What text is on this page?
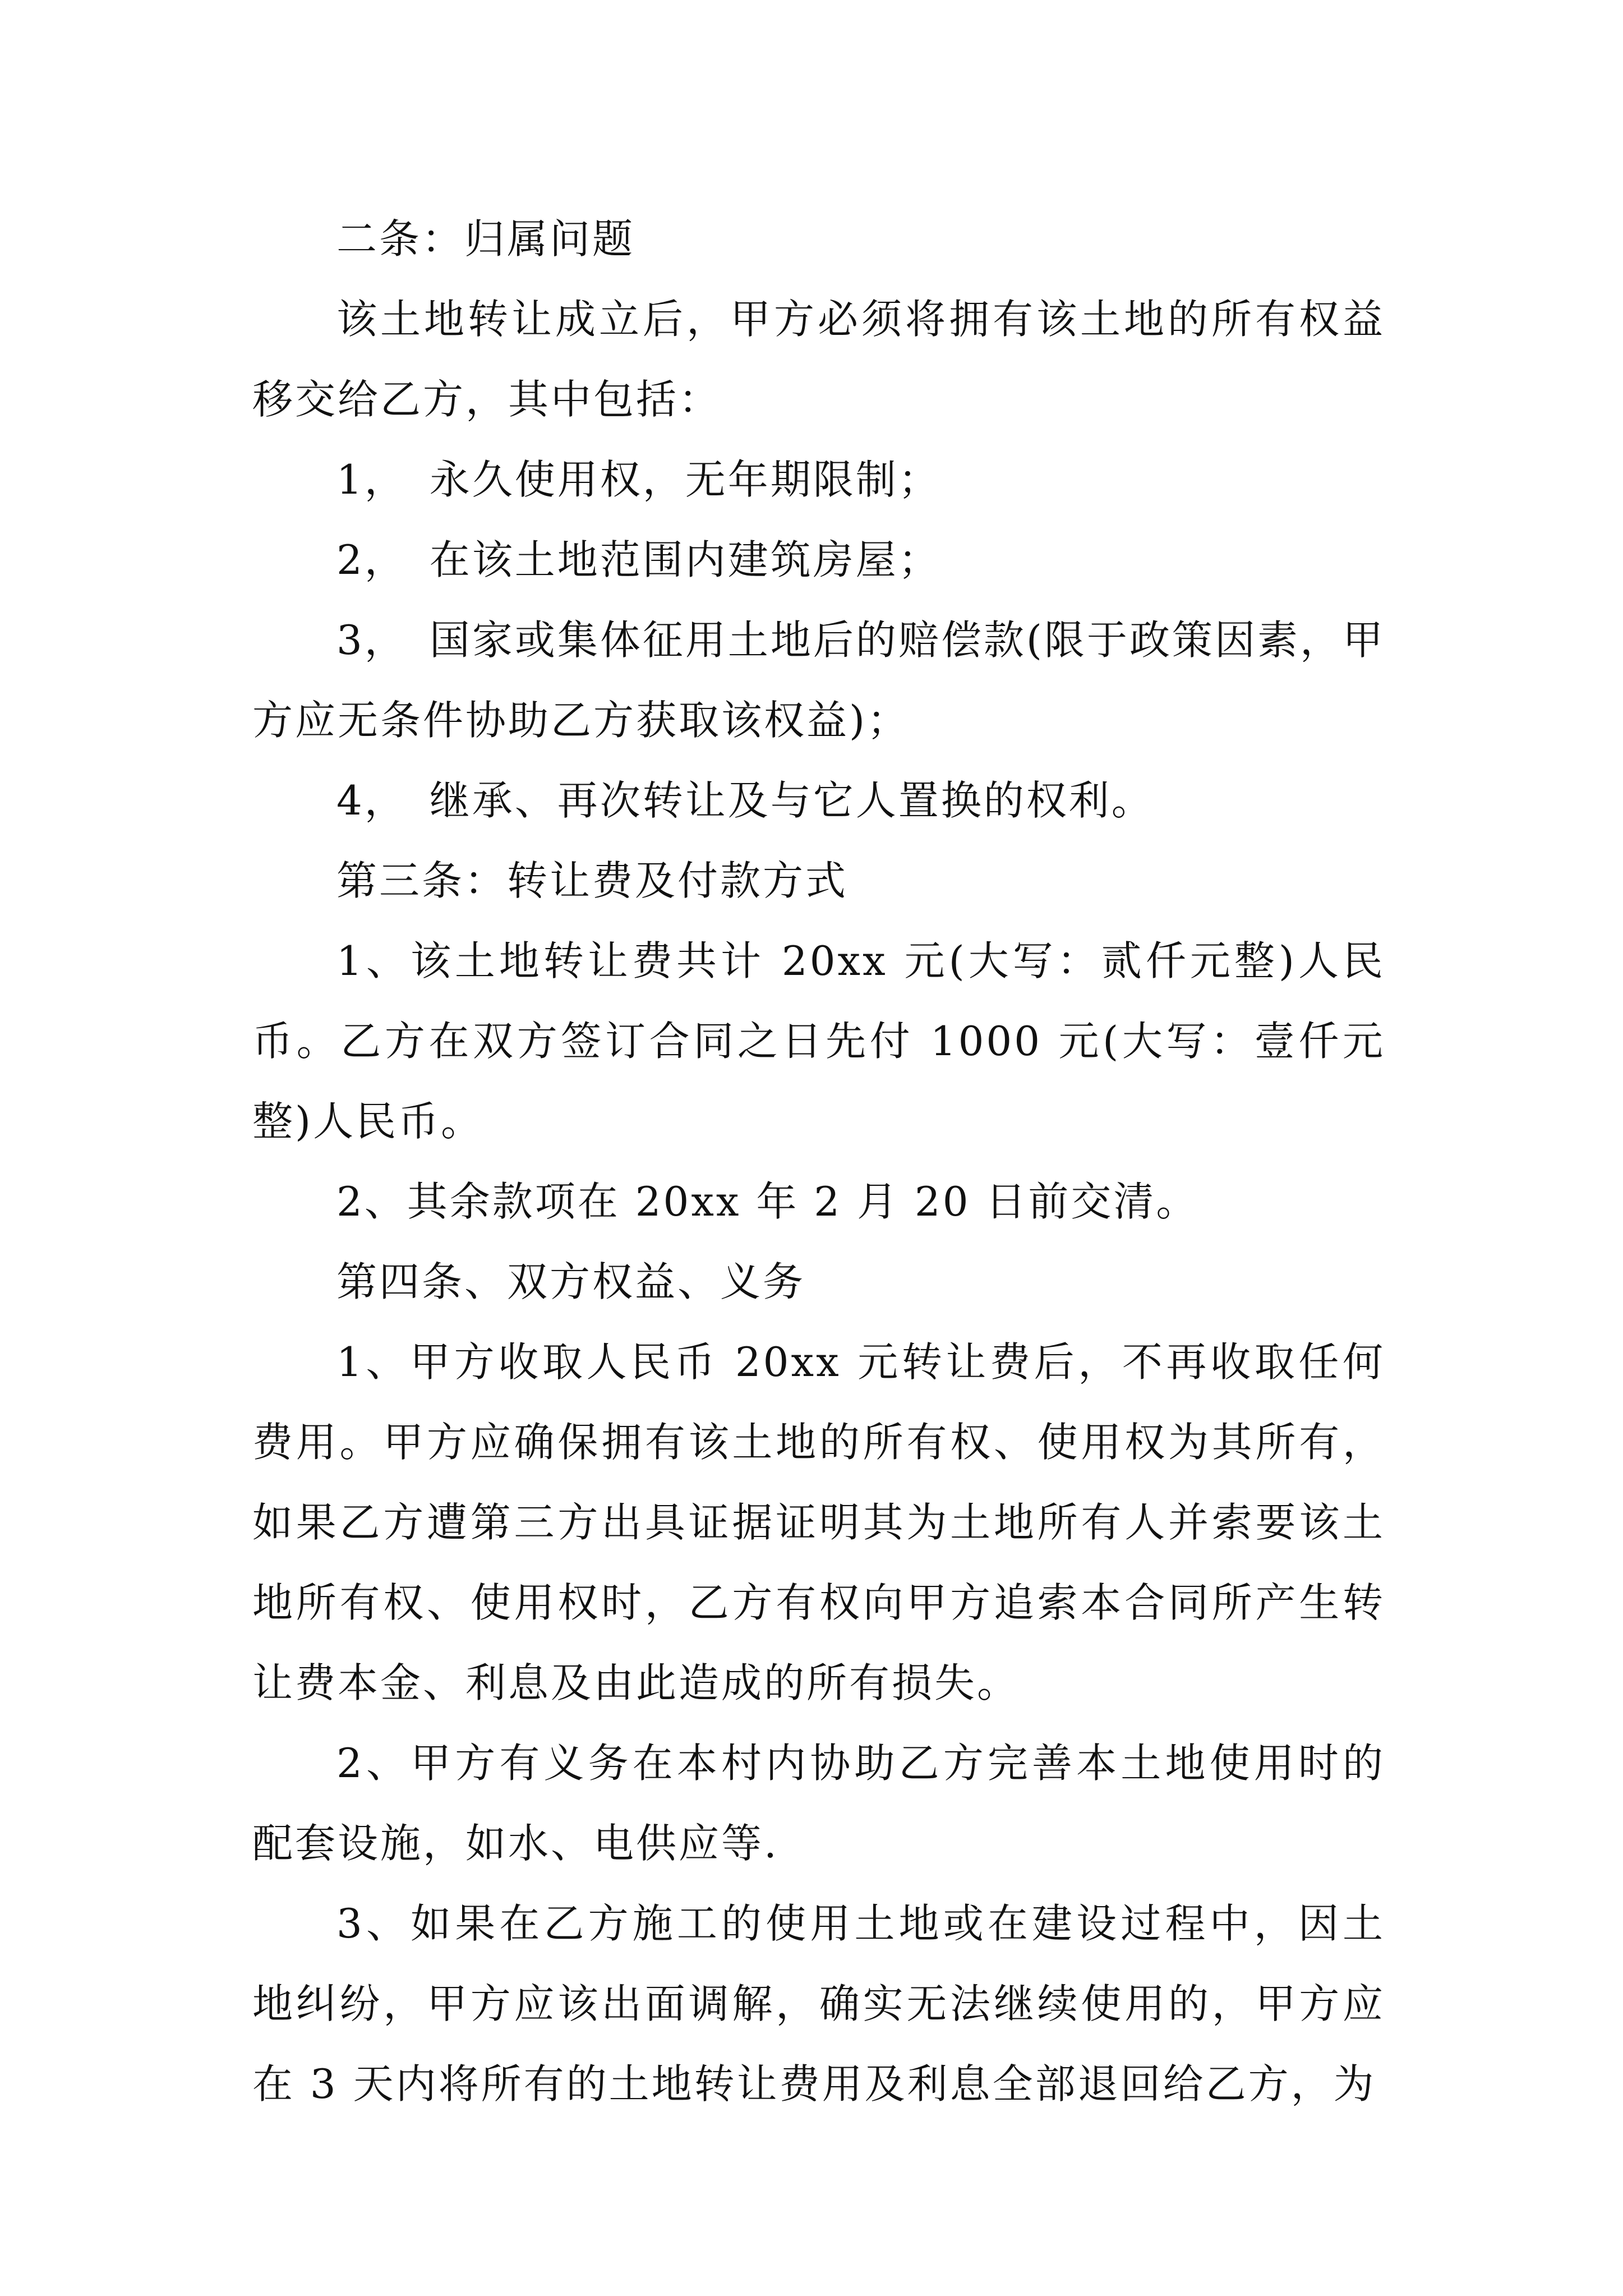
二条：归属问题

该土地转让成立后，甲方必须将拥有该土地的所有权益移交给乙方，其中包括：

1，　永久使用权，无年期限制；

2，　在该土地范围内建筑房屋；

3，　国家或集体征用土地后的赔偿款(限于政策因素，甲方应无条件协助乙方获取该权益)；

4，　继承、再次转让及与它人置换的权利。

第三条：转让费及付款方式

1、该土地转让费共计 20xx 元(大写：贰仟元整)人民币。乙方在双方签订合同之日先付 1000 元(大写：壹仟元整)人民币。

2、其余款项在 20xx 年 2 月 20 日前交清。

第四条、双方权益、义务

1、甲方收取人民币 20xx 元转让费后，不再收取任何费用。甲方应确保拥有该土地的所有权、使用权为其所有，如果乙方遭第三方出具证据证明其为土地所有人并索要该土地所有权、使用权时，乙方有权向甲方追索本合同所产生转让费本金、利息及由此造成的所有损失。

2、甲方有义务在本村内协助乙方完善本土地使用时的配套设施，如水、电供应等.

3、如果在乙方施工的使用土地或在建设过程中，因土地纠纷，甲方应该出面调解，确实无法继续使用的，甲方应在 3 天内将所有的土地转让费用及利息全部退回给乙方，为
